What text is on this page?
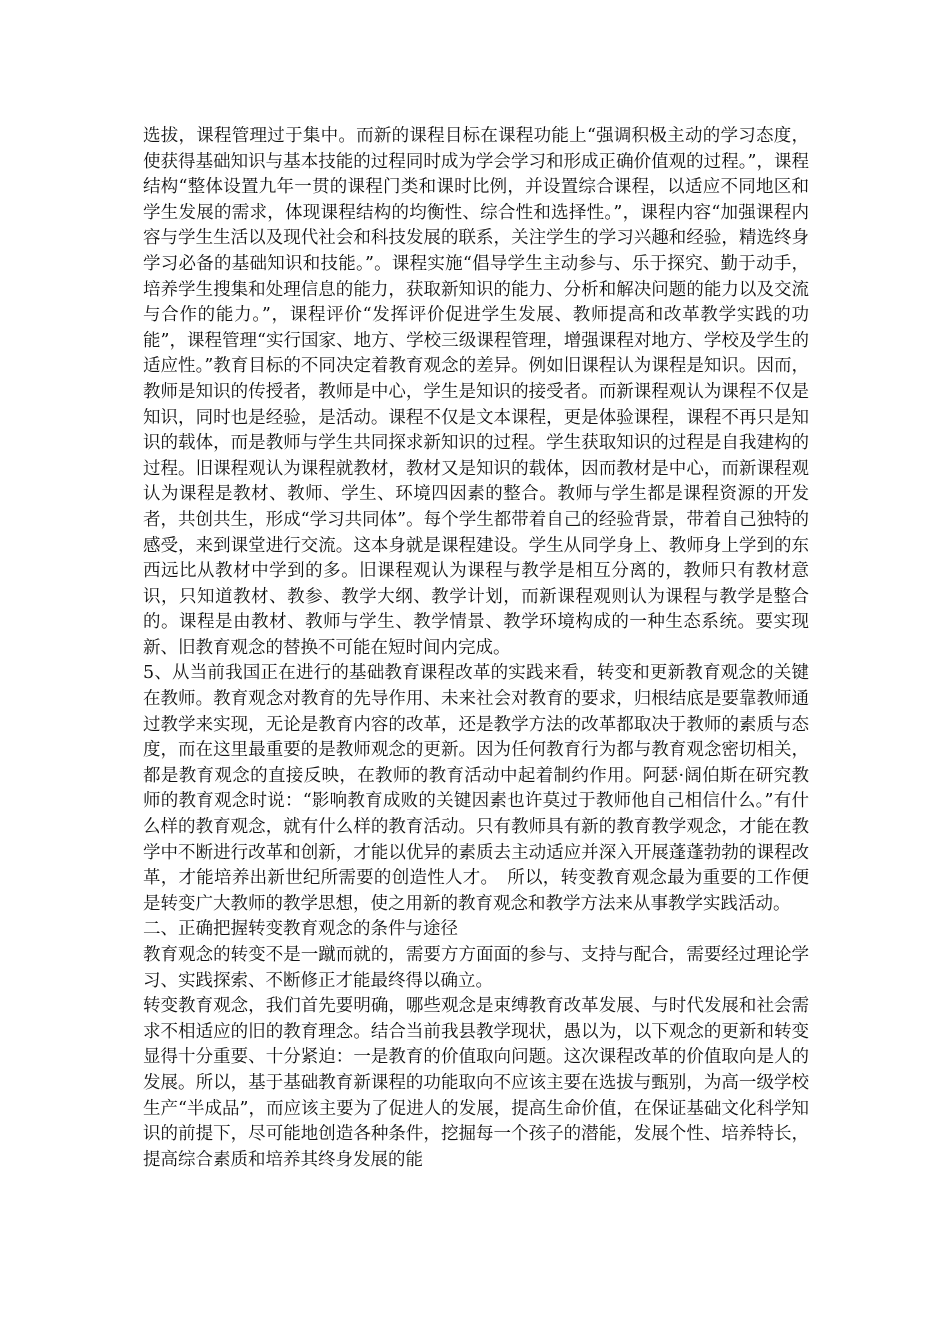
选拔，课程管理过于集中。而新的课程目标在课程功能上“强调积极主动的学习态度，使获得基础知识与基本技能的过程同时成为学会学习和形成正确价值观的过程。”，课程结构“整体设置九年一贯的课程门类和课时比例，并设置综合课程，以适应不同地区和学生发展的需求，体现课程结构的均衡性、综合性和选择性。”，课程内容“加强课程内容与学生生活以及现代社会和科技发展的联系，关注学生的学习兴趣和经验，精选终身学习必备的基础知识和技能。”。课程实施“倡导学生主动参与、乐于探究、勤于动手，培养学生搜集和处理信息的能力，获取新知识的能力、分析和解决问题的能力以及交流与合作的能力。”，课程评价“发挥评价促进学生发展、教师提高和改革教学实践的功能”，课程管理“实行国家、地方、学校三级课程管理，增强课程对地方、学校及学生的适应性。”教育目标的不同决定着教育观念的差异。例如旧课程认为课程是知识。因而，教师是知识的传授者，教师是中心，学生是知识的接受者。而新课程观认为课程不仅是知识，同时也是经验，是活动。课程不仅是文本课程，更是体验课程，课程不再只是知识的载体，而是教师与学生共同探求新知识的过程。学生获取知识的过程是自我建构的过程。旧课程观认为课程就教材，教材又是知识的载体，因而教材是中心，而新课程观认为课程是教材、教师、学生、环境四因素的整合。教师与学生都是课程资源的开发者，共创共生，形成“学习共同体”。每个学生都带着自己的经验背景，带着自己独特的感受，来到课堂进行交流。这本身就是课程建设。学生从同学身上、教师身上学到的东西远比从教材中学到的多。旧课程观认为课程与教学是相互分离的，教师只有教材意识，只知道教材、教参、教学大纲、教学计划，而新课程观则认为课程与教学是整合的。课程是由教材、教师与学生、教学情景、教学环境构成的一种生态系统。要实现新、旧教育观念的替换不可能在短时间内完成。

5、从当前我国正在进行的基础教育课程改革的实践来看，转变和更新教育观念的关键在教师。教育观念对教育的先导作用、未来社会对教育的要求，归根结底是要靠教师通过教学来实现，无论是教育内容的改革，还是教学方法的改革都取决于教师的素质与态度，而在这里最重要的是教师观念的更新。因为任何教育行为都与教育观念密切相关，都是教育观念的直接反映，在教师的教育活动中起着制约作用。阿瑟·阔伯斯在研究教师的教育观念时说：“影响教育成败的关键因素也许莫过于教师他自己相信什么。”有什么样的教育观念，就有什么样的教育活动。只有教师具有新的教育教学观念，才能在教学中不断进行改革和创新，才能以优异的素质去主动适应并深入开展蓬蓬勃勃的课程改革，才能培养出新世纪所需要的创造性人才。　所以，转变教育观念最为重要的工作便是转变广大教师的教学思想，使之用新的教育观念和教学方法来从事教学实践活动。

二、正确把握转变教育观念的条件与途径

教育观念的转变不是一蹴而就的，需要方方面面的参与、支持与配合，需要经过理论学习、实践探索、不断修正才能最终得以确立。

转变教育观念，我们首先要明确，哪些观念是束缚教育改革发展、与时代发展和社会需求不相适应的旧的教育理念。结合当前我县教学现状，愚以为，以下观念的更新和转变显得十分重要、十分紧迫：一是教育的价值取向问题。这次课程改革的价值取向是人的发展。所以，基于基础教育新课程的功能取向不应该主要在选拔与甄别，为高一级学校生产“半成品”，而应该主要为了促进人的发展，提高生命价值，在保证基础文化科学知识的前提下，尽可能地创造各种条件，挖掘每一个孩子的潜能，发展个性、培养特长，提高综合素质和培养其终身发展的能
